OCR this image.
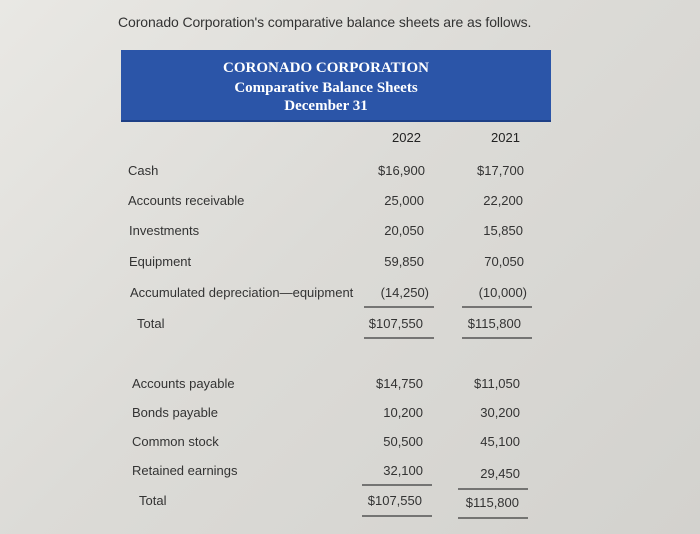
Coronado Corporation's comparative balance sheets are as follows.
CORONADO CORPORATION
Comparative Balance Sheets
December 31
2022	2021
Cash	$16,900	$17,700
Accounts receivable	25,000	22,200
Investments	20,050	15,850
Equipment	59,850	70,050
Accumulated depreciation—equipment	(14,250)	(10,000)
Total	$107,550	$115,800
Accounts payable	$14,750	$11,050
Bonds payable	10,200	30,200
Common stock	50,500	45,100
Retained earnings	32,100	29,450
Total	$107,550	$115,800
